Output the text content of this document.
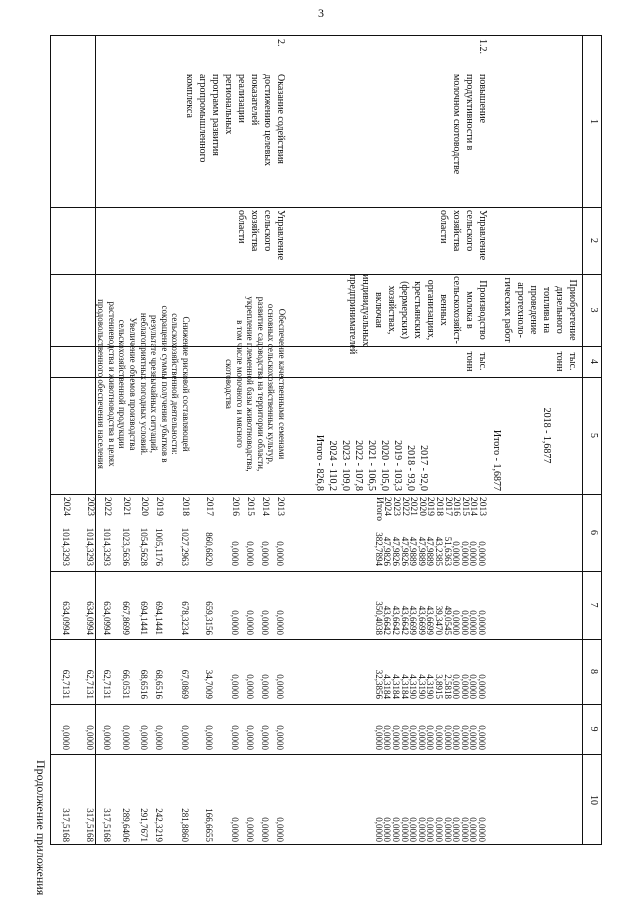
3
Продолжение приложения
1
2
3
4
5
6
7
8
9
10
1.2.
повышение
продуктивности в
молочном скотоводстве
Управление
сельского
хозяйства
области
Приобретение
дизельного
топлива на
проведение
агротехноло-
гических работ
тыс.
тонн
2018 - 1,6877
Итого - 1,6877
Производство
молока в
сельскохозяйст-
венных
организациях,
крестьянских
(фермерских)
хозяйствах,
включая
индивидуальных
предпринимателей
тыс.
тонн
2017 - 92,0
2018 - 93,0
2019 - 103,3
2020 - 105,0
2021 - 106,5
2022 - 107,8
2023 - 109,0
2024 - 110,2
Итого - 826,8
2013
2014
2015
2016
2017
2018
2019
2020
2021
2022
2023
2024
Итого
0,0000
0,0000
0,0000
0,0000
51,6363
43,2385
47,9889
47,9889
47,9889
47,9826
47,9826
47,9826
382,7894
0,0000
0,0000
0,0000
0,0000
49,0545
39,3470
43,6699
43,6699
43,6699
43,6642
43,6642
43,6642
350,4038
0,0000
0,0000
0,0000
0,0000
2,5818
3,8915
4,3190
4,3190
4,3190
4,3184
4,3184
4,3184
32,3856
0,0000
0,0000
0,0000
0,0000
0,0000
0,0000
0,0000
0,0000
0,0000
0,0000
0,0000
0,0000
0,0000
0,0000
0,0000
0,0000
0,0000
0,0000
0,0000
0,0000
0,0000
0,0000
0,0000
0,0000
0,0000
0,0000
2.
Оказание содействия
достижению целевых
показателей
реализации
региональных
программ развития
агропромышленного
комплекса
Управление
сельского
хозяйства
области
Обеспечение качественными семенами
основных сельскохозяйственных культур,
развитие садоводства на территории области,
укрепление племенной базы животноводства,
в том числе молочного и мясного
скотоводства
Снижение рисковой составляющей
сельскохозяйственной деятельности:
сокращение суммы получения убытков в
результате чрезвычайных ситуаций,
неблагоприятных погодных условий.
Увеличение объемов производства
сельскохозяйственной продукции
растениеводства и животноводства в целях
продовольственного обеспечения населения
2013
2014
2015
2016
2017
2018
2019
2020
2021
2022
2023
2024
0,0000
0,0000
0,0000
0,0000
860,6820
1027,2963
1005,1176
1054,5628
1023,5636
1014,3293
1014,3293
1014,3293
0,0000
0,0000
0,0000
0,0000
659,3156
678,3234
694,1441
694,1441
667,8699
634,0994
634,0994
634,0994
0,0000
0,0000
0,0000
0,0000
34,7009
67,0869
68,6516
68,6516
66,0531
62,7131
62,7131
62,7131
0,0000
0,0000
0,0000
0,0000
0,0000
0,0000
0,0000
0,0000
0,0000
0,0000
0,0000
0,0000
0,0000
0,0000
0,0000
0,0000
166,6655
281,8860
242,3219
291,7671
289,6406
317,5168
317,5168
317,5168
